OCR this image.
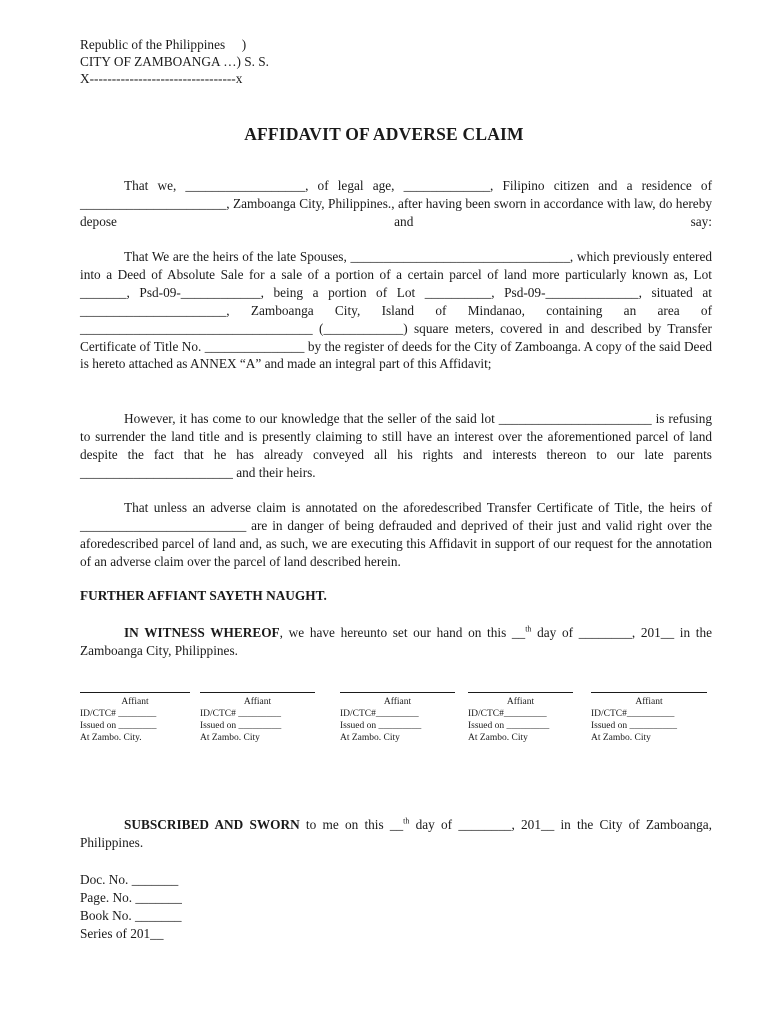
Republic of the Philippines     )
CITY OF ZAMBOANGA …) S. S.
X---------------------------------x
AFFIDAVIT OF ADVERSE CLAIM
That we, __________________, of legal age, _____________, Filipino citizen and a residence of ______________________, Zamboanga City, Philippines., after having been sworn in accordance with law, do hereby depose and say:
That We are the heirs of the late Spouses, _________________________________, which previously entered into a Deed of Absolute Sale for a sale of a portion of a certain parcel of land more particularly known as, Lot _______, Psd-09-____________, being a portion of Lot __________, Psd-09-______________, situated at ______________________, Zamboanga City, Island of Mindanao, containing an area of ___________________________________ (____________) square meters, covered in and described by Transfer Certificate of Title No. _______________ by the register of deeds for the City of Zamboanga. A copy of the said Deed is hereto attached as ANNEX “A” and made an integral part of this Affidavit;
However, it has come to our knowledge that the seller of the said lot _______________________ is refusing to surrender the land title and is presently claiming to still have an interest over the aforementioned parcel of land despite the fact that he has already conveyed all his rights and interests thereon to our late parents _______________________ and their heirs.
That unless an adverse claim is annotated on the aforedescribed Transfer Certificate of Title, the heirs of _________________________ are in danger of being defrauded and deprived of their just and valid right over the aforedescribed parcel of land and, as such, we are executing this Affidavit in support of our request for the annotation of an adverse claim over the parcel of land described herein.
FURTHER AFFIANT SAYETH NAUGHT.
IN WITNESS WHEREOF, we have hereunto set our hand on this __$^{th}$ day of ________, 201__ in the Zamboanga City, Philippines.
Affiant
ID/CTC# ________
Issued on ________
At Zambo. City.
Affiant
ID/CTC# _________
Issued on _________
At Zambo. City
Affiant
ID/CTC#_________
Issued on _________
At Zambo. City
Affiant
ID/CTC#_________
Issued on _________
At Zambo. City
Affiant
ID/CTC#__________
Issued on __________
At Zambo. City
SUBSCRIBED AND SWORN to me on this __$^{th}$ day of ________, 201__ in the City of Zamboanga, Philippines.
Doc. No. _______
Page. No. _______
Book No. _______
Series of 201__
